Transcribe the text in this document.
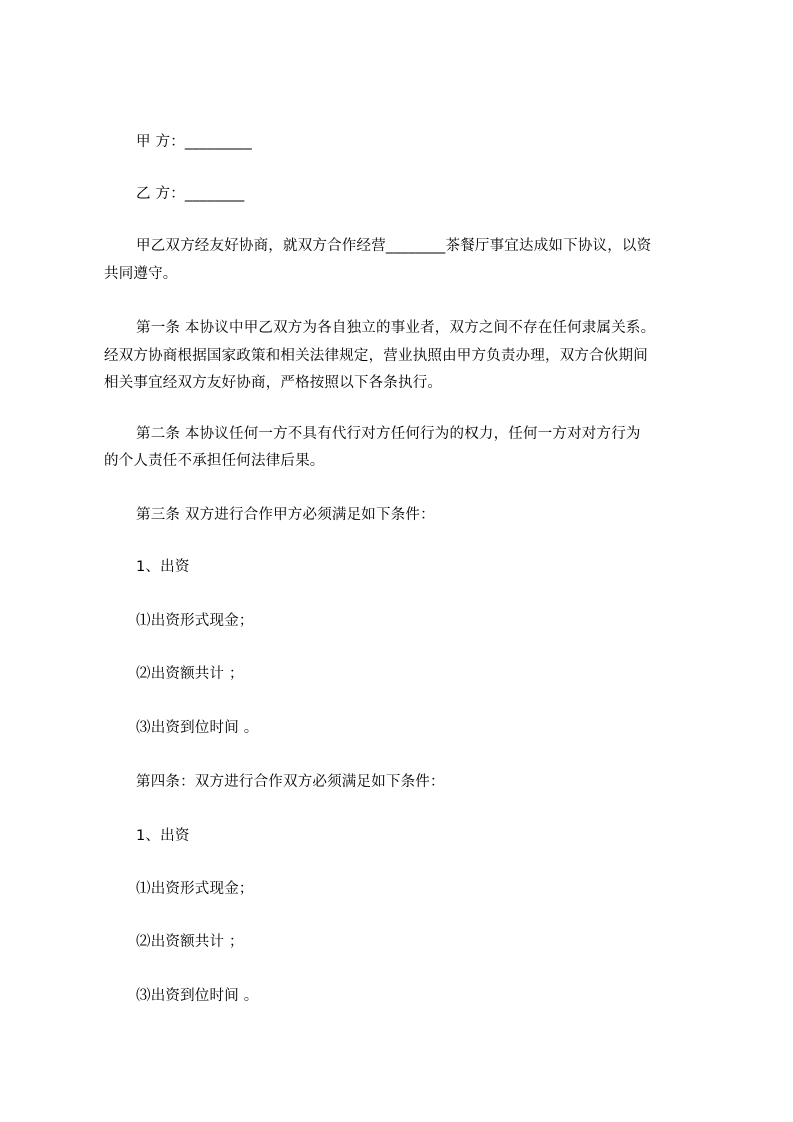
甲 方：_________
乙 方：________
甲乙双方经友好协商，就双方合作经营________茶餐厅事宜达成如下协议，以资
共同遵守。
第一条 本协议中甲乙双方为各自独立的事业者，双方之间不存在任何隶属关系。
经双方协商根据国家政策和相关法律规定，营业执照由甲方负责办理，双方合伙期间
相关事宜经双方友好协商，严格按照以下各条执行。
第二条 本协议任何一方不具有代行对方任何行为的权力，任何一方对对方行为
的个人责任不承担任何法律后果。
第三条 双方进行合作甲方必须满足如下条件：
1、出资
⑴出资形式现金；
⑵出资额共计 ；
⑶出资到位时间 。
第四条：双方进行合作双方必须满足如下条件：
1、出资
⑴出资形式现金；
⑵出资额共计 ；
⑶出资到位时间 。
